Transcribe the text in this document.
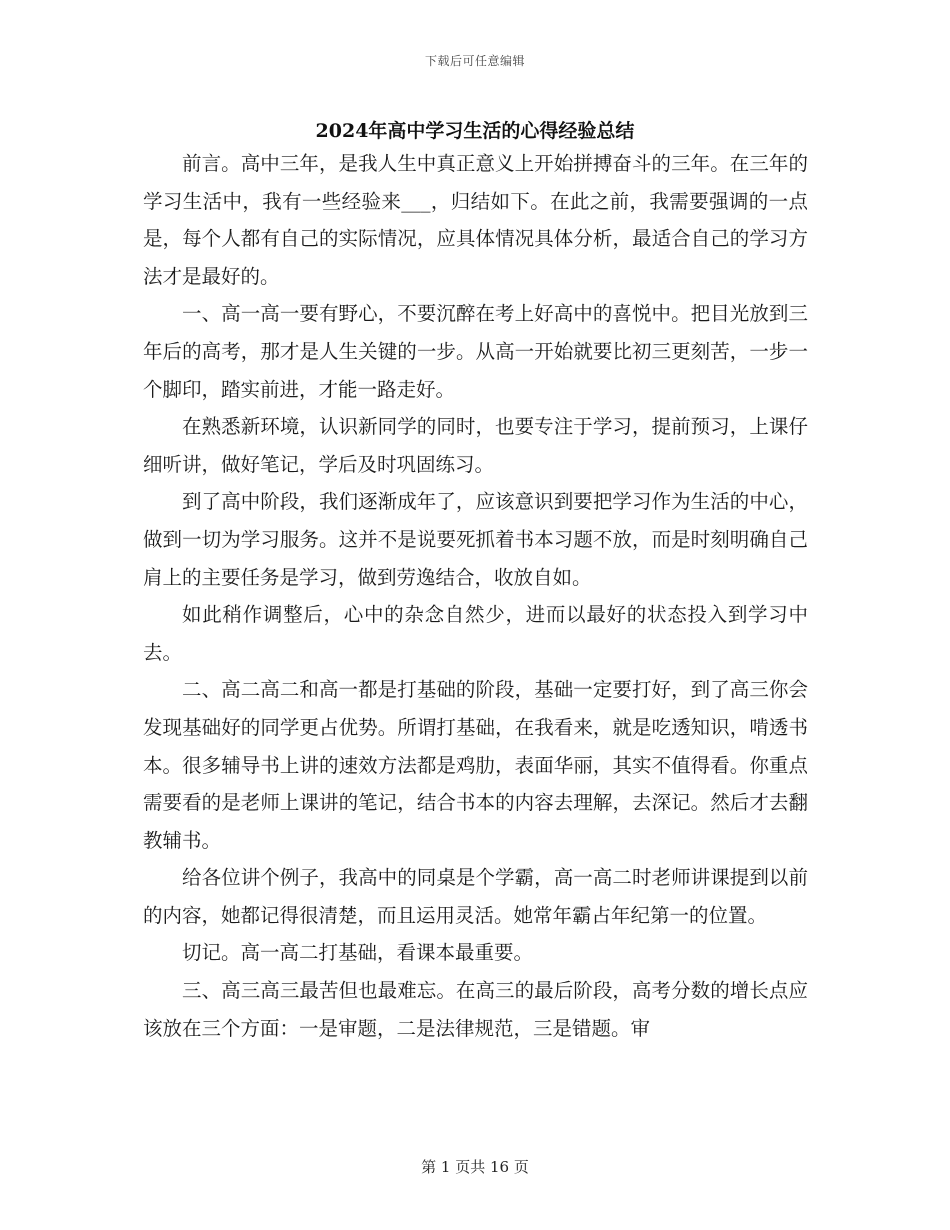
下载后可任意编辑
2024年高中学习生活的心得经验总结

前言。高中三年，是我人生中真正意义上开始拼搏奋斗的三年。在三年的学习生活中，我有一些经验来___，归结如下。在此之前，我需要强调的一点是，每个人都有自己的实际情况，应具体情况具体分析，最适合自己的学习方法才是最好的。

一、高一高一要有野心，不要沉醉在考上好高中的喜悦中。把目光放到三年后的高考，那才是人生关键的一步。从高一开始就要比初三更刻苦，一步一个脚印，踏实前进，才能一路走好。

在熟悉新环境，认识新同学的同时，也要专注于学习，提前预习，上课仔细听讲，做好笔记，学后及时巩固练习。

到了高中阶段，我们逐渐成年了，应该意识到要把学习作为生活的中心，做到一切为学习服务。这并不是说要死抓着书本习题不放，而是时刻明确自己肩上的主要任务是学习，做到劳逸结合，收放自如。

如此稍作调整后，心中的杂念自然少，进而以最好的状态投入到学习中去。

二、高二高二和高一都是打基础的阶段，基础一定要打好，到了高三你会发现基础好的同学更占优势。所谓打基础，在我看来，就是吃透知识，啃透书本。很多辅导书上讲的速效方法都是鸡肋，表面华丽，其实不值得看。你重点需要看的是老师上课讲的笔记，结合书本的内容去理解，去深记。然后才去翻教辅书。

给各位讲个例子，我高中的同桌是个学霸，高一高二时老师讲课提到以前的内容，她都记得很清楚，而且运用灵活。她常年霸占年纪第一的位置。

切记。高一高二打基础，看课本最重要。

三、高三高三最苦但也最难忘。在高三的最后阶段，高考分数的增长点应该放在三个方面：一是审题，二是法律规范，三是错题。审

第 1 页共 16 页
